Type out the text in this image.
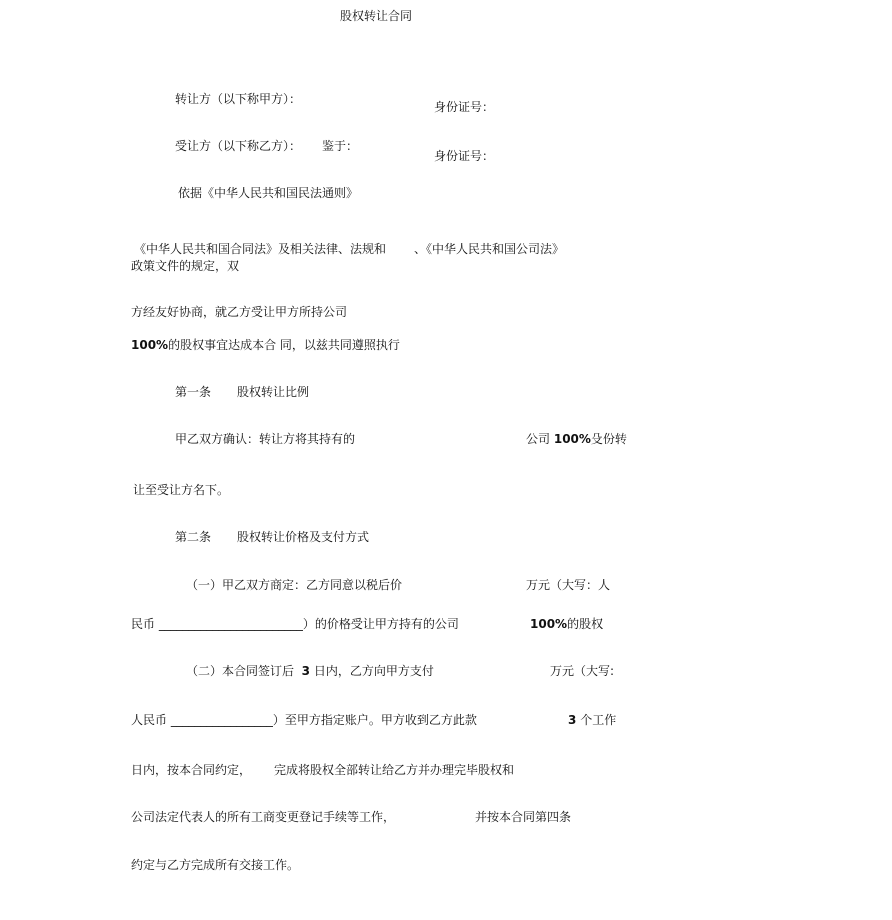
股权转让合同
转让方（以下称甲方）：
身份证号：
受让方（以下称乙方）： 鉴于：
身份证号：
依据《中华人民共和国民法通则》
《中华人民共和国合同法》及相关法律、法规和 、《中华人民共和国公司法》
政策文件的规定，双
方经友好协商，就乙方受让甲方所持公司
100%的股权事宜达成本合 同，以兹共同遵照执行
第一条 股权转让比例
甲乙双方确认：转让方将其持有的	公司 100%殳份转
让至受让方名下。
第二条 股权转让价格及支付方式
（一）甲乙双方商定：乙方同意以税后价	万元（大写：人
民币 ________________________）的价格受让甲方持有的公司	100%的股权
（二）本合同签订后 3 日内，乙方向甲方支付	万元（大写:
人民币 _________________）至甲方指定账户。甲方收到乙方此款	3 个工作
日内，按本合同约定， 完成将股权全部转让给乙方并办理完毕股权和
公司法定代表人的所有工商变更登记手续等工作，	并按本合同第四条
约定与乙方完成所有交接工作。
